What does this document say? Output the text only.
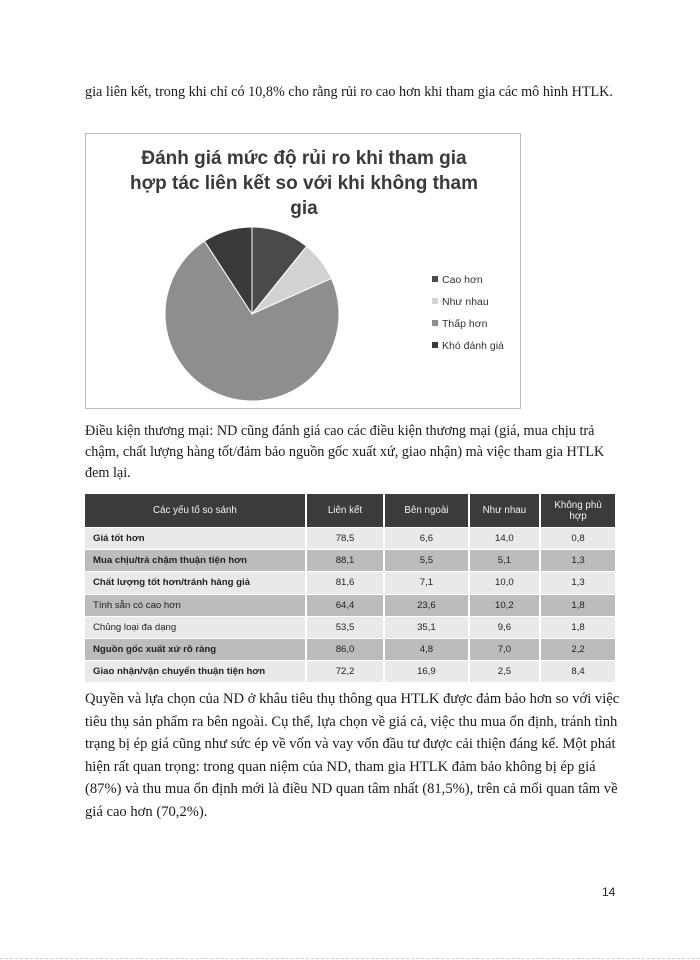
gia liên kết, trong khi chỉ có 10,8% cho rằng rủi ro cao hơn khi tham gia các mô hình HTLK.

Đánh giá mức độ rủi ro khi tham gia
hợp tác liên kết so với khi không tham
gia
Cao hơn
Như nhau
Thấp hơn
Khó đánh giá

Điều kiện thương mại: ND cũng đánh giá cao các điều kiện thương mại (giá, mua chịu trả chậm, chất lượng hàng tốt/đảm bảo nguồn gốc xuất xứ, giao nhận) mà việc tham gia HTLK đem lại.

Các yếu tố so sánh	Liên kết	Bên ngoài	Như nhau	Không phù hợp
Giá tốt hơn	78,5	6,6	14,0	0,8
Mua chịu/trả chậm thuận tiện hơn	88,1	5,5	5,1	1,3
Chất lượng tốt hơn/tránh hàng giả	81,6	7,1	10,0	1,3
Tính sẵn có cao hơn	64,4	23,6	10,2	1,8
Chủng loại đa dạng	53,5	35,1	9,6	1,8
Nguồn gốc xuất xứ rõ ràng	86,0	4,8	7,0	2,2
Giao nhận/vận chuyển thuận tiện hơn	72,2	16,9	2,5	8,4

Quyền và lựa chọn của ND ở khâu tiêu thụ thông qua HTLK được đảm bảo hơn so với việc tiêu thụ sản phẩm ra bên ngoài. Cụ thể, lựa chọn về giá cả, việc thu mua ổn định, tránh tình trạng bị ép giá cũng như sức ép về vốn và vay vốn đầu tư được cải thiện đáng kể. Một phát hiện rất quan trọng: trong quan niệm của ND, tham gia HTLK đảm bảo không bị ép giá (87%) và thu mua ổn định mới là điều ND quan tâm nhất (81,5%), trên cả mối quan tâm về giá cao hơn (70,2%).

14
